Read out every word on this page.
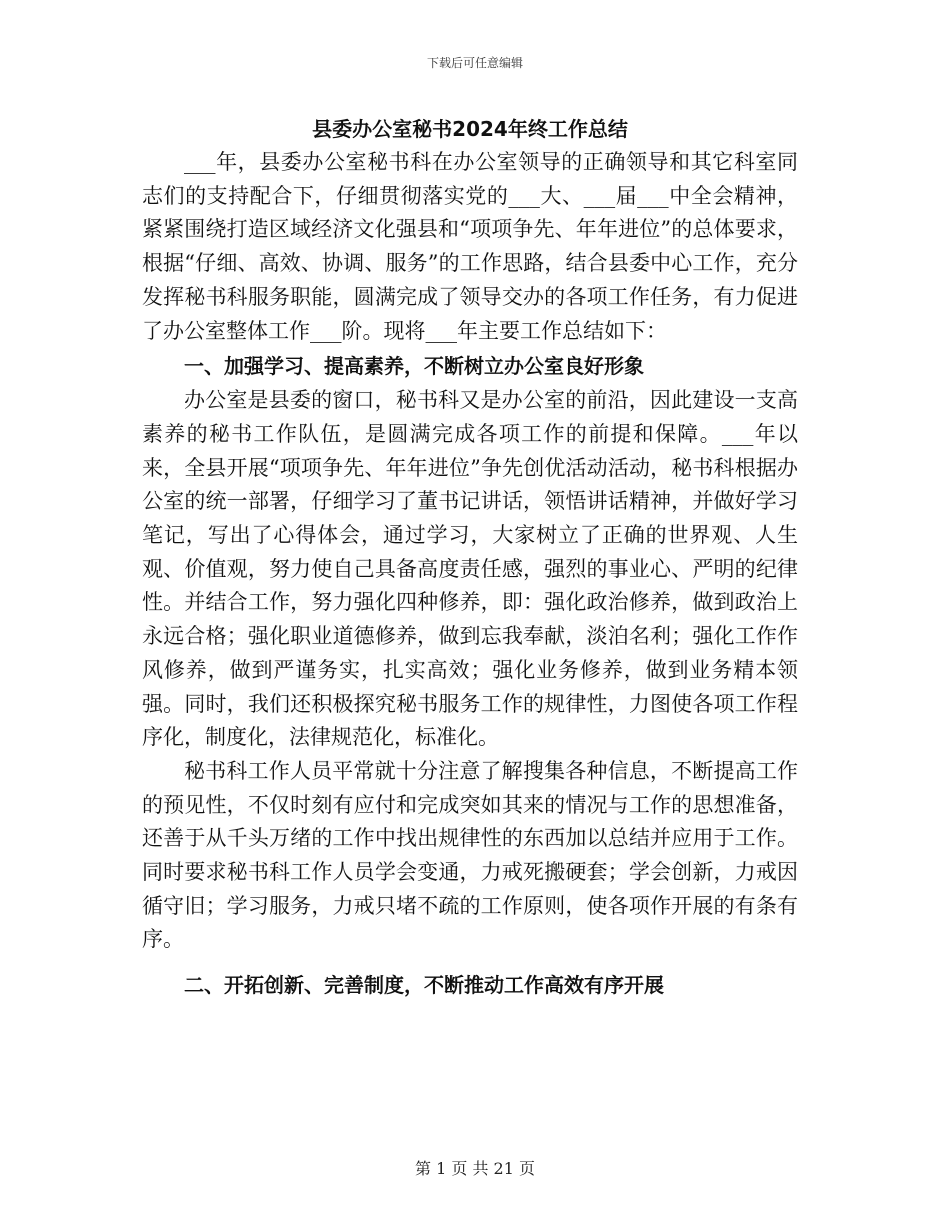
下载后可任意编辑
县委办公室秘书2024年终工作总结

___年，县委办公室秘书科在办公室领导的正确领导和其它科室同志们的支持配合下，仔细贯彻落实党的___大、___届___中全会精神，紧紧围绕打造区域经济文化强县和“项项争先、年年进位”的总体要求，根据“仔细、高效、协调、服务”的工作思路，结合县委中心工作，充分发挥秘书科服务职能，圆满完成了领导交办的各项工作任务，有力促进了办公室整体工作___阶。现将___年主要工作总结如下：

一、加强学习、提高素养，不断树立办公室良好形象

办公室是县委的窗口，秘书科又是办公室的前沿，因此建设一支高素养的秘书工作队伍，是圆满完成各项工作的前提和保障。___年以来，全县开展“项项争先、年年进位”争先创优活动活动，秘书科根据办公室的统一部署，仔细学习了董书记讲话，领悟讲话精神，并做好学习笔记，写出了心得体会，通过学习，大家树立了正确的世界观、人生观、价值观，努力使自己具备高度责任感，强烈的事业心、严明的纪律性。并结合工作，努力强化四种修养，即：强化政治修养，做到政治上永远合格；强化职业道德修养，做到忘我奉献，淡泊名利；强化工作作风修养，做到严谨务实，扎实高效；强化业务修养，做到业务精本领强。同时，我们还积极探究秘书服务工作的规律性，力图使各项工作程序化，制度化，法律规范化，标准化。

秘书科工作人员平常就十分注意了解搜集各种信息，不断提高工作的预见性，不仅时刻有应付和完成突如其来的情况与工作的思想准备，还善于从千头万绪的工作中找出规律性的东西加以总结并应用于工作。同时要求秘书科工作人员学会变通，力戒死搬硬套；学会创新，力戒因循守旧；学习服务，力戒只堵不疏的工作原则，使各项作开展的有条有序。

二、开拓创新、完善制度，不断推动工作高效有序开展
第 1 页 共 21 页
